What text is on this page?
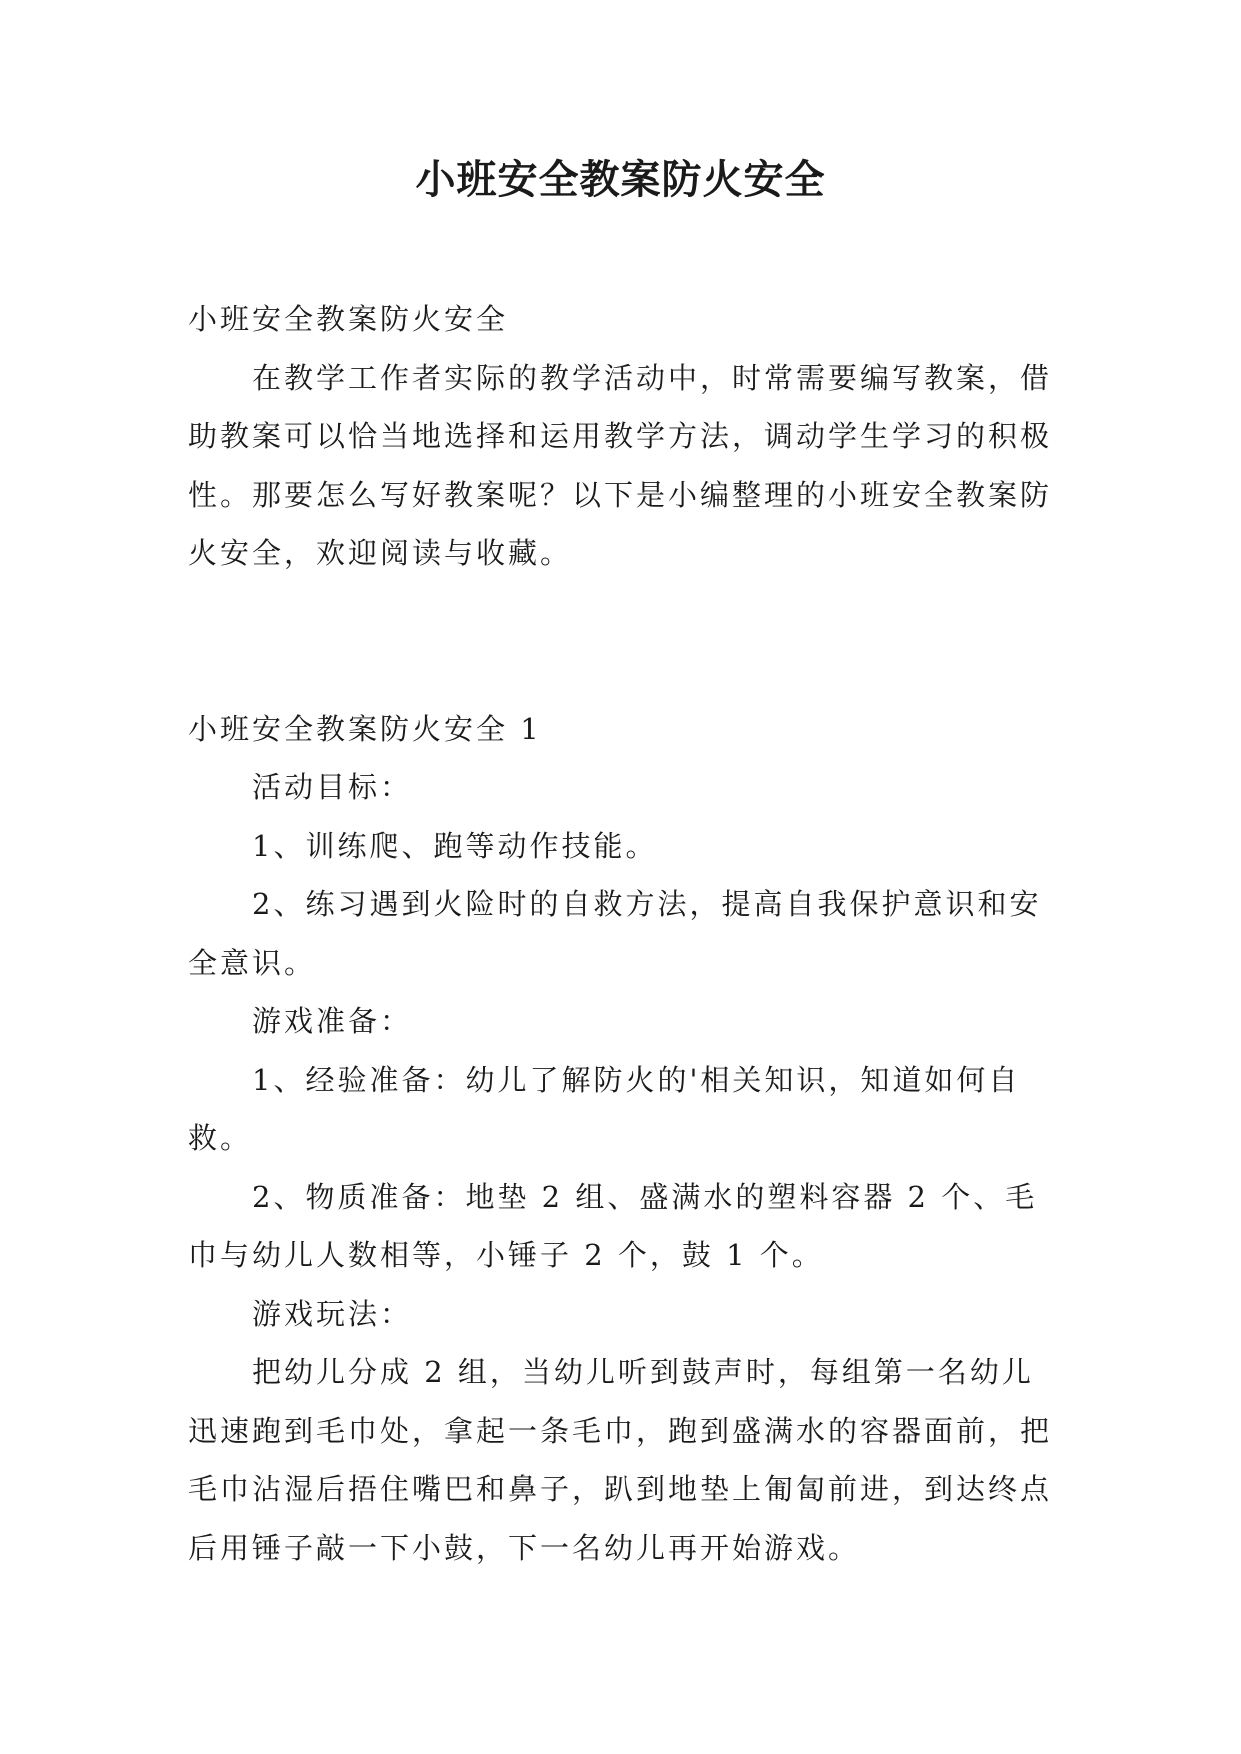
小班安全教案防火安全

小班安全教案防火安全

在教学工作者实际的教学活动中，时常需要编写教案，借助教案可以恰当地选择和运用教学方法，调动学生学习的积极性。那要怎么写好教案呢？以下是小编整理的小班安全教案防火安全，欢迎阅读与收藏。

小班安全教案防火安全 1

活动目标：

1、训练爬、跑等动作技能。

2、练习遇到火险时的自救方法，提高自我保护意识和安全意识。

游戏准备：

1、经验准备：幼儿了解防火的'相关知识，知道如何自救。

2、物质准备：地垫 2 组、盛满水的塑料容器 2 个、毛巾与幼儿人数相等，小锤子 2 个，鼓 1 个。

游戏玩法：

把幼儿分成 2 组，当幼儿听到鼓声时，每组第一名幼儿迅速跑到毛巾处，拿起一条毛巾，跑到盛满水的容器面前，把毛巾沾湿后捂住嘴巴和鼻子，趴到地垫上匍匐前进，到达终点后用锤子敲一下小鼓，下一名幼儿再开始游戏。
